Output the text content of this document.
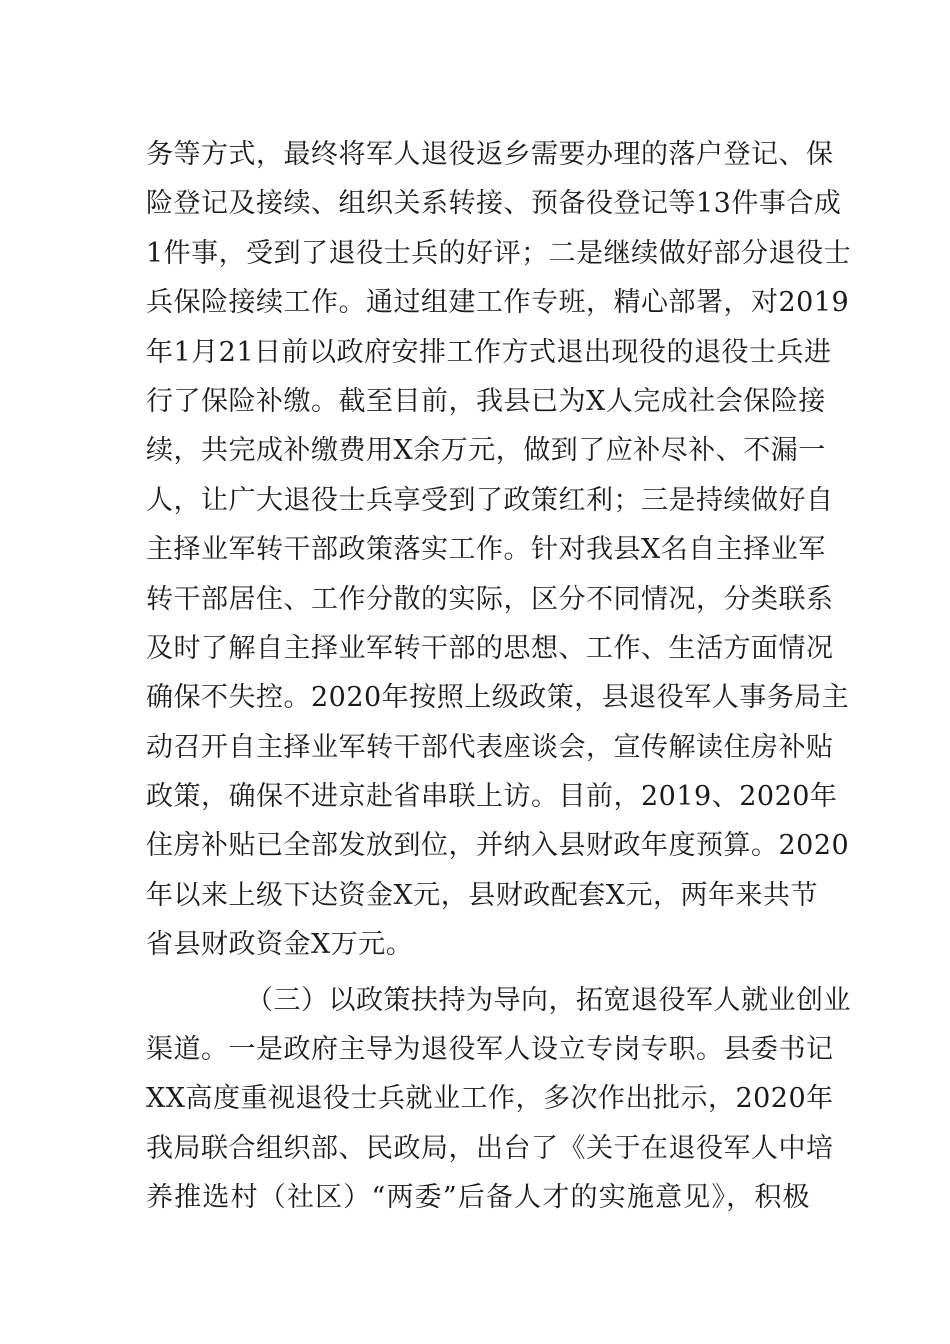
务等方式，最终将军人退役返乡需要办理的落户登记、保
险登记及接续、组织关系转接、预备役登记等13件事合成
1件事，受到了退役士兵的好评；二是继续做好部分退役士
兵保险接续工作。通过组建工作专班，精心部署，对2019
年1月21日前以政府安排工作方式退出现役的退役士兵进
行了保险补缴。截至目前，我县已为X人完成社会保险接
续，共完成补缴费用X余万元，做到了应补尽补、不漏一
人，让广大退役士兵享受到了政策红利；三是持续做好自
主择业军转干部政策落实工作。针对我县X名自主择业军
转干部居住、工作分散的实际，区分不同情况，分类联系
及时了解自主择业军转干部的思想、工作、生活方面情况
确保不失控。2020年按照上级政策，县退役军人事务局主
动召开自主择业军转干部代表座谈会，宣传解读住房补贴
政策，确保不进京赴省串联上访。目前，2019、2020年
住房补贴已全部发放到位，并纳入县财政年度预算。2020
年以来上级下达资金X元，县财政配套X元，两年来共节
省县财政资金X万元。
（三）以政策扶持为导向，拓宽退役军人就业创业
渠道。一是政府主导为退役军人设立专岗专职。县委书记
XX高度重视退役士兵就业工作，多次作出批示，2020年
我局联合组织部、民政局，出台了《关于在退役军人中培
养推选村（社区）“两委”后备人才的实施意见》，积极
